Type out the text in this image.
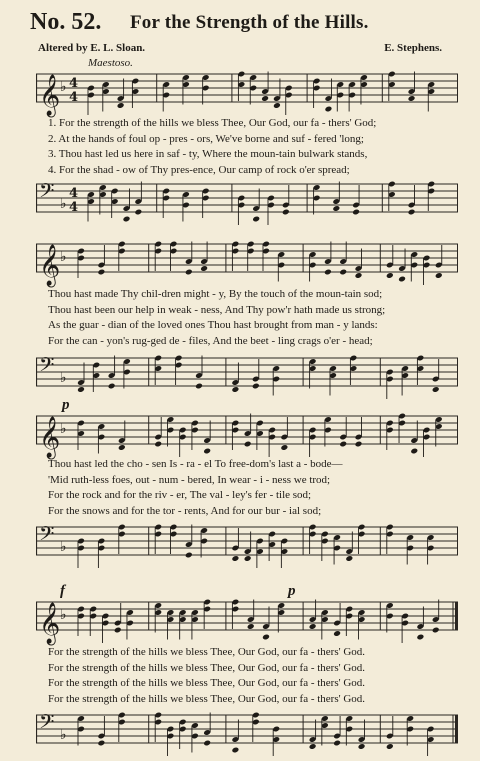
No. 52. For the Strength of the Hills.
Altered by E. L. Sloan.	E. Stephens.
Maestoso.
𝄞 ♭ 4
4
1. For the strength of the hills we bless Thee, Our God, our fa - thers' God;
2. At the hands of foul op - pres - ors, We've borne and suf - fered 'long;
3. Thou hast led us here in saf - ty, Where the moun-tain bulwark stands,
4. For the shad - ow of Thy pres-ence, Our camp of rock o'er spread;
𝄢 ♭
4
4
𝄞 ♭
Thou hast made Thy chil-dren might - y, By the touch of the moun-tain sod;
Thou hast been our help in weak - ness, And Thy pow'r hath made us strong;
As the guar - dian of the loved ones Thou hast brought from man - y lands:
For the can - yon's rug-ged de - files, And the beet - ling crags o'er - head;
𝄢 ♭
p
𝄞 ♭
Thou hast led the cho - sen Is - ra - el To free-dom's last a - bode—
'Mid ruth-less foes, out - num - bered, In wear - i - ness we trod;
For the rock and for the riv - er, The val - ley's fer - tile sod;
For the snows and for the tor - rents, And for our bur - ial sod;
𝄢 ♭
f	p
𝄞 ♭
For the strength of the hills we bless Thee, Our God, our fa - thers' God.
For the strength of the hills we bless Thee, Our God, our fa - thers' God.
For the strength of the hills we bless Thee, Our God, our fa - thers' God.
For the strength of the hills we bless Thee, Our God, our fa - thers' God.
𝄢 ♭
